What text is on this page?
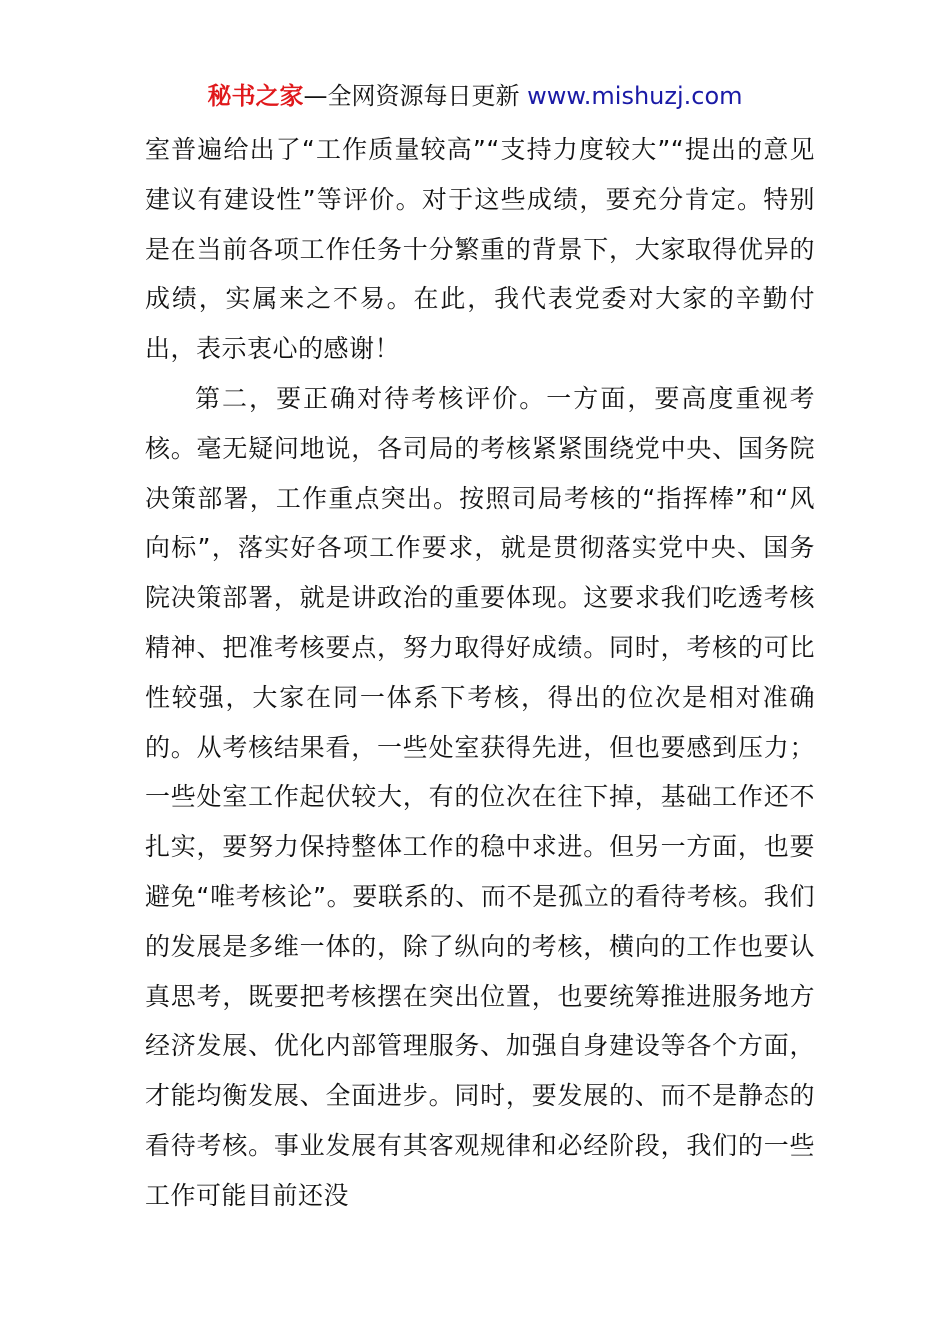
秘书之家—全网资源每日更新 www.mishuzj.com

室普遍给出了“工作质量较高”“支持力度较大”“提出的意见建议有建设性”等评价。对于这些成绩，要充分肯定。特别是在当前各项工作任务十分繁重的背景下，大家取得优异的成绩，实属来之不易。在此，我代表党委对大家的辛勤付出，表示衷心的感谢！

第二，要正确对待考核评价。一方面，要高度重视考核。毫无疑问地说，各司局的考核紧紧围绕党中央、国务院决策部署，工作重点突出。按照司局考核的“指挥棒”和“风向标”，落实好各项工作要求，就是贯彻落实党中央、国务院决策部署，就是讲政治的重要体现。这要求我们吃透考核精神、把准考核要点，努力取得好成绩。同时，考核的可比性较强，大家在同一体系下考核，得出的位次是相对准确的。从考核结果看，一些处室获得先进，但也要感到压力；一些处室工作起伏较大，有的位次在往下掉，基础工作还不扎实，要努力保持整体工作的稳中求进。但另一方面，也要避免“唯考核论”。要联系的、而不是孤立的看待考核。我们的发展是多维一体的，除了纵向的考核，横向的工作也要认真思考，既要把考核摆在突出位置，也要统筹推进服务地方经济发展、优化内部管理服务、加强自身建设等各个方面，才能均衡发展、全面进步。同时，要发展的、而不是静态的看待考核。事业发展有其客观规律和必经阶段，我们的一些工作可能目前还没
